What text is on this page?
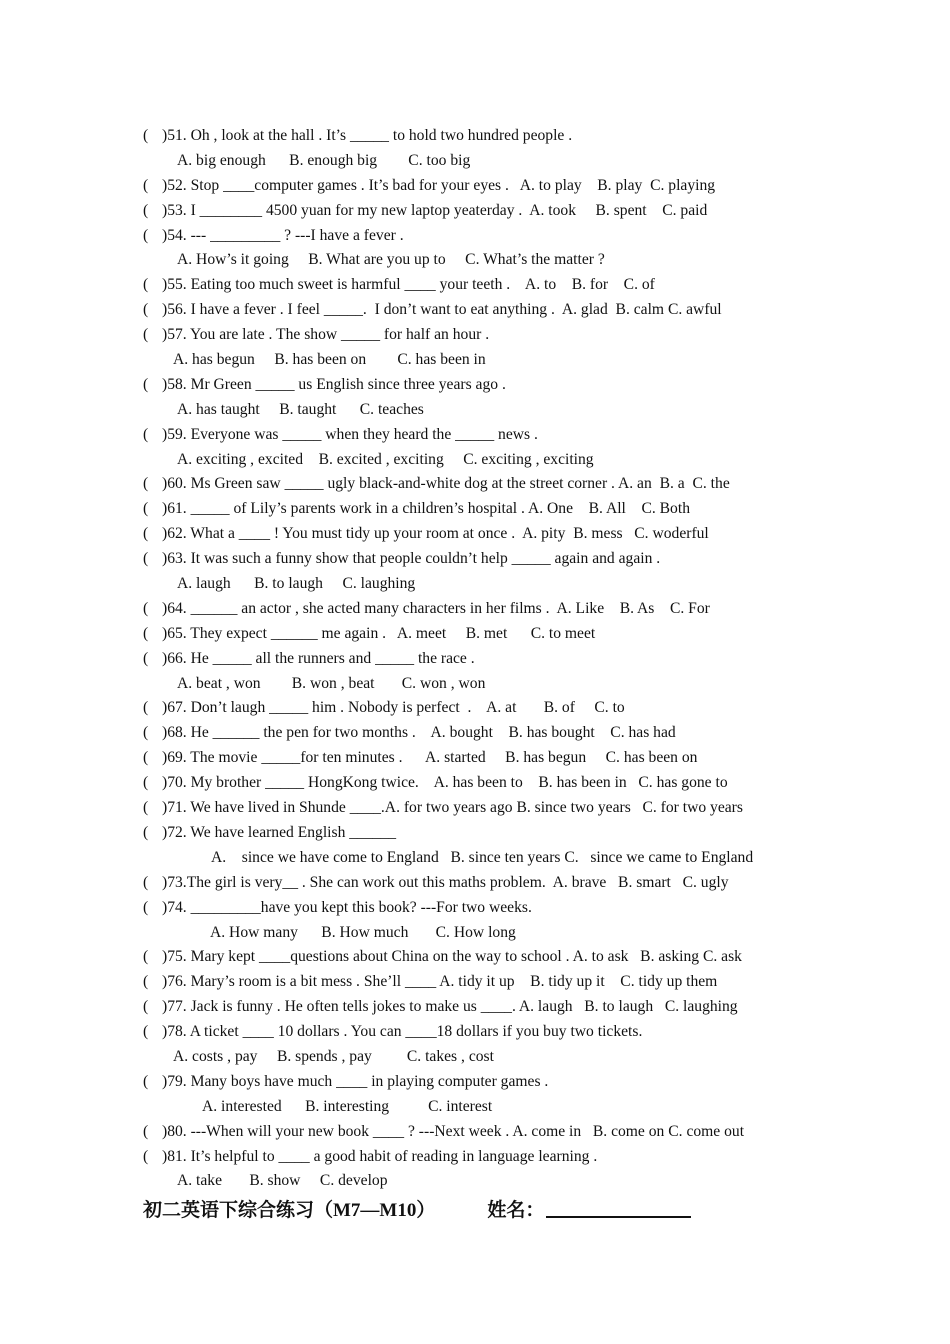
( )51. Oh , look at the hall . It’s _____ to hold two hundred people .
A. big enough      B. enough big        C. too big
( )52. Stop ____computer games . It’s bad for your eyes .   A. to play    B. play  C. playing
( )53. I ________ 4500 yuan for my new laptop yeaterday .  A. took     B. spent    C. paid
( )54. --- _________ ? ---I have a fever .
A. How’s it going     B. What are you up to     C. What’s the matter ?
( )55. Eating too much sweet is harmful ____ your teeth .    A. to    B. for    C. of
( )56. I have a fever . I feel _____.  I don’t want to eat anything .  A. glad  B. calm C. awful
( )57. You are late . The show _____ for half an hour .
A. has begun     B. has been on        C. has been in
( )58. Mr Green _____ us English since three years ago .
A. has taught     B. taught      C. teaches
( )59. Everyone was _____ when they heard the _____ news .
A. exciting , excited    B. excited , exciting     C. exciting , exciting
( )60. Ms Green saw _____ ugly black-and-white dog at the street corner . A. an  B. a  C. the
( )61. _____ of Lily’s parents work in a children’s hospital . A. One    B. All    C. Both
( )62. What a ____ ! You must tidy up your room at once .  A. pity  B. mess   C. woderful
( )63. It was such a funny show that people couldn’t help _____ again and again .
A. laugh      B. to laugh     C. laughing
( )64. ______ an actor , she acted many characters in her films .  A. Like    B. As    C. For
( )65. They expect ______ me again .   A. meet     B. met      C. to meet
( )66. He _____ all the runners and _____ the race .
A. beat , won        B. won , beat       C. won , won
( )67. Don’t laugh _____ him . Nobody is perfect  .    A. at       B. of     C. to
( )68. He ______ the pen for two months .    A. bought    B. has bought    C. has had
( )69. The movie _____for ten minutes .      A. started     B. has begun     C. has been on
( )70. My brother _____ HongKong twice.    A. has been to    B. has been in   C. has gone to
( )71. We have lived in Shunde ____.A. for two years ago B. since two years   C. for two years
( )72. We have learned English ______
A.    since we have come to England   B. since ten years C.   since we came to England
( )73.The girl is very__ . She can work out this maths problem.  A. brave   B. smart   C. ugly
( )74. _________have you kept this book? ---For two weeks.
A. How many      B. How much       C. How long
( )75. Mary kept ____questions about China on the way to school . A. to ask   B. asking C. ask
( )76. Mary’s room is a bit mess . She’ll ____ A. tidy it up    B. tidy up it    C. tidy up them
( )77. Jack is funny . He often tells jokes to make us ____. A. laugh   B. to laugh   C. laughing
( )78. A ticket ____ 10 dollars . You can ____18 dollars if you buy two tickets.
A. costs , pay     B. spends , pay         C. takes , cost
( )79. Many boys have much ____ in playing computer games .
A. interested      B. interesting          C. interest
( )80. ---When will your new book ____ ? ---Next week . A. come in   B. come on C. come out
( )81. It’s helpful to ____ a good habit of reading in language learning .
A. take       B. show     C. develop
初二英语下综合练习（M7—M10）	姓名：
